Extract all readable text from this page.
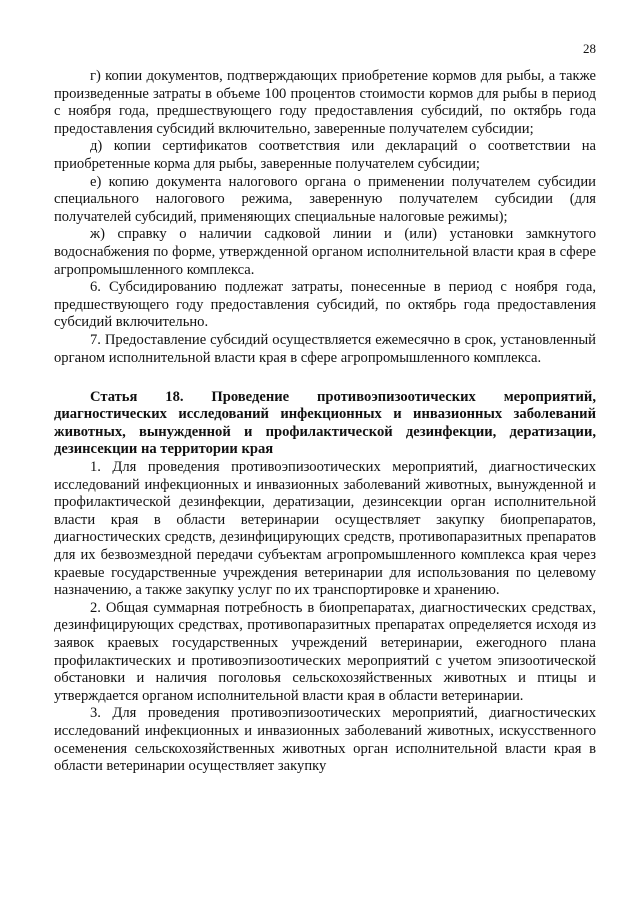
28

г) копии документов, подтверждающих приобретение кормов для рыбы, а также произведенные затраты в объеме 100 процентов стоимости кормов для рыбы в период с ноября года, предшествующего году предоставления субсидий, по октябрь года предоставления субсидий включительно, заверенные получателем субсидии;

д) копии сертификатов соответствия или деклараций о соответствии на приобретенные корма для рыбы, заверенные получателем субсидии;

е) копию документа налогового органа о применении получателем субсидии специального налогового режима, заверенную получателем субсидии (для получателей субсидий, применяющих специальные налоговые режимы);

ж) справку о наличии садковой линии и (или) установки замкнутого водоснабжения по форме, утвержденной органом исполнительной власти края в сфере агропромышленного комплекса.

6. Субсидированию подлежат затраты, понесенные в период с ноября года, предшествующего году предоставления субсидий, по октябрь года предоставления субсидий включительно.

7. Предоставление субсидий осуществляется ежемесячно в срок, установленный органом исполнительной власти края в сфере агропромышленного комплекса.

Статья 18. Проведение противоэпизоотических мероприятий, диагностических исследований инфекционных и инвазионных заболеваний животных, вынужденной и профилактической дезинфекции, дератизации, дезинсекции на территории края

1. Для проведения противоэпизоотических мероприятий, диагностических исследований инфекционных и инвазионных заболеваний животных, вынужденной и профилактической дезинфекции, дератизации, дезинсекции орган исполнительной власти края в области ветеринарии осуществляет закупку биопрепаратов, диагностических средств, дезинфицирующих средств, противопаразитных препаратов для их безвозмездной передачи субъектам агропромышленного комплекса края через краевые государственные учреждения ветеринарии для использования по целевому назначению, а также закупку услуг по их транспортировке и хранению.

2. Общая суммарная потребность в биопрепаратах, диагностических средствах, дезинфицирующих средствах, противопаразитных препаратах определяется исходя из заявок краевых государственных учреждений ветеринарии, ежегодного плана профилактических и противоэпизоотических мероприятий с учетом эпизоотической обстановки и наличия поголовья сельскохозяйственных животных и птицы и утверждается органом исполнительной власти края в области ветеринарии.

3. Для проведения противоэпизоотических мероприятий, диагностических исследований инфекционных и инвазионных заболеваний животных, искусственного осеменения сельскохозяйственных животных орган исполнительной власти края в области ветеринарии осуществляет закупку
